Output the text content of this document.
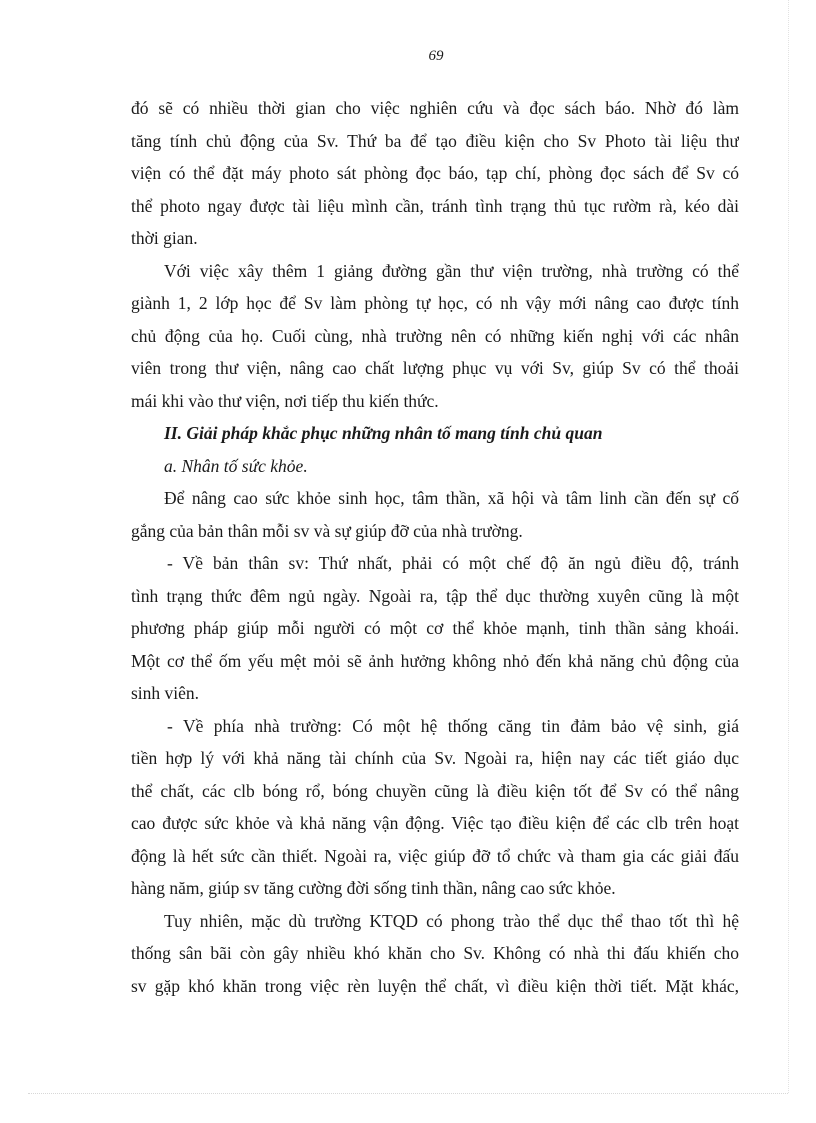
69
đó sẽ có nhiều thời gian cho việc nghiên cứu và đọc sách báo. Nhờ đó làm
tăng tính chủ động của Sv. Thứ ba để tạo điều kiện cho Sv Photo tài liệu thư
viện có thể đặt máy photo sát phòng đọc báo, tạp chí, phòng đọc sách để Sv có
thể photo ngay được tài liệu mình cần, tránh tình trạng thủ tục rườm rà, kéo dài
thời gian.
Với việc xây thêm 1 giảng đường gần thư viện trường, nhà trường có thể
giành 1, 2 lớp học để Sv làm phòng tự học, có nh vậy mới nâng cao được tính
chủ động của họ. Cuối cùng, nhà trường nên có những kiến nghị với các nhân
viên trong thư viện, nâng cao chất lượng phục vụ với Sv, giúp Sv có thể thoải
mái khi vào thư viện, nơi tiếp thu kiến thức.
II. Giải pháp khắc phục những nhân tố mang tính chủ quan
a. Nhân tố sức khỏe.
Để nâng cao sức khỏe sinh học, tâm thần, xã hội và tâm linh cần đến sự cố
gắng của bản thân mỗi sv và sự giúp đỡ của nhà trường.
- Về bản thân sv: Thứ nhất, phải có một chế độ ăn ngủ điều độ, tránh
tình trạng thức đêm ngủ ngày. Ngoài ra, tập thể dục thường xuyên cũng là một
phương pháp giúp mỗi người có một cơ thể khỏe mạnh, tinh thần sảng khoái.
Một cơ thể ốm yếu mệt mỏi sẽ ảnh hưởng không nhỏ đến khả năng chủ động của
sinh viên.
- Về phía nhà trường: Có một hệ thống căng tin đảm bảo vệ sinh, giá
tiền hợp lý với khả năng tài chính của Sv. Ngoài ra, hiện nay các tiết giáo dục
thể chất, các clb bóng rổ, bóng chuyền cũng là điều kiện tốt để Sv có thể nâng
cao được sức khỏe và khả năng vận động. Việc tạo điều kiện để các clb trên hoạt
động là hết sức cần thiết. Ngoài ra, việc giúp đỡ tổ chức và tham gia các giải đấu
hàng năm, giúp sv tăng cường đời sống tinh thần, nâng cao sức khỏe.
Tuy nhiên, mặc dù trường KTQD có phong trào thể dục thể thao tốt thì hệ
thống sân bãi còn gây nhiều khó khăn cho Sv. Không có nhà thi đấu khiến cho
sv gặp khó khăn trong việc rèn luyện thể chất, vì điều kiện thời tiết. Mặt khác,
